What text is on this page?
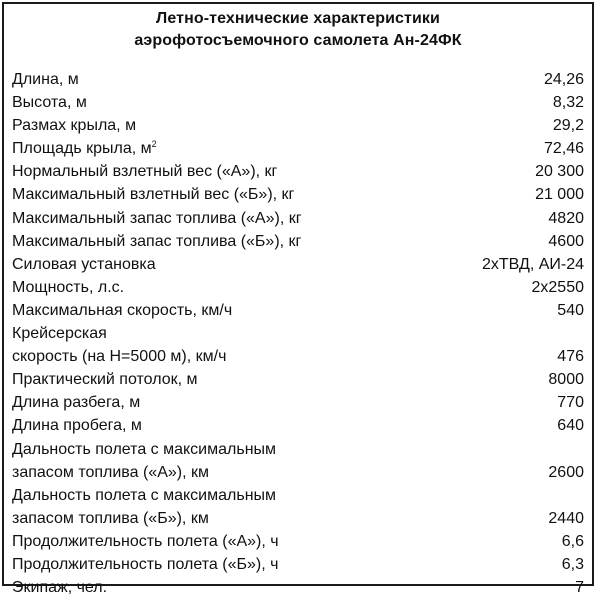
Летно-технические характеристики
аэрофотосъемочного самолета Ан-24ФК
Длина, м	24,26
Высота, м	8,32
Размах крыла, м	29,2
Площадь крыла, $м^2$	72,46
Нормальный взлетный вес («А»), кг	20 300
Максимальный взлетный вес («Б»), кг	21 000
Максимальный запас топлива («А»), кг	4820
Максимальный запас топлива («Б»), кг	4600
Силовая установка	2хТВД, АИ-24
Мощность, л.с.	2х2550
Максимальная скорость, км/ч	540
Крейсерская
скорость (на Н=5000 м), км/ч	476
Практический потолок, м	8000
Длина разбега, м	770
Длина пробега, м	640
Дальность полета с максимальным
запасом топлива («А»), км	2600
Дальность полета с максимальным
запасом топлива («Б»), км	2440
Продолжительность полета («А»), ч	6,6
Продолжительность полета («Б»), ч	6,3
Экипаж, чел.	7
